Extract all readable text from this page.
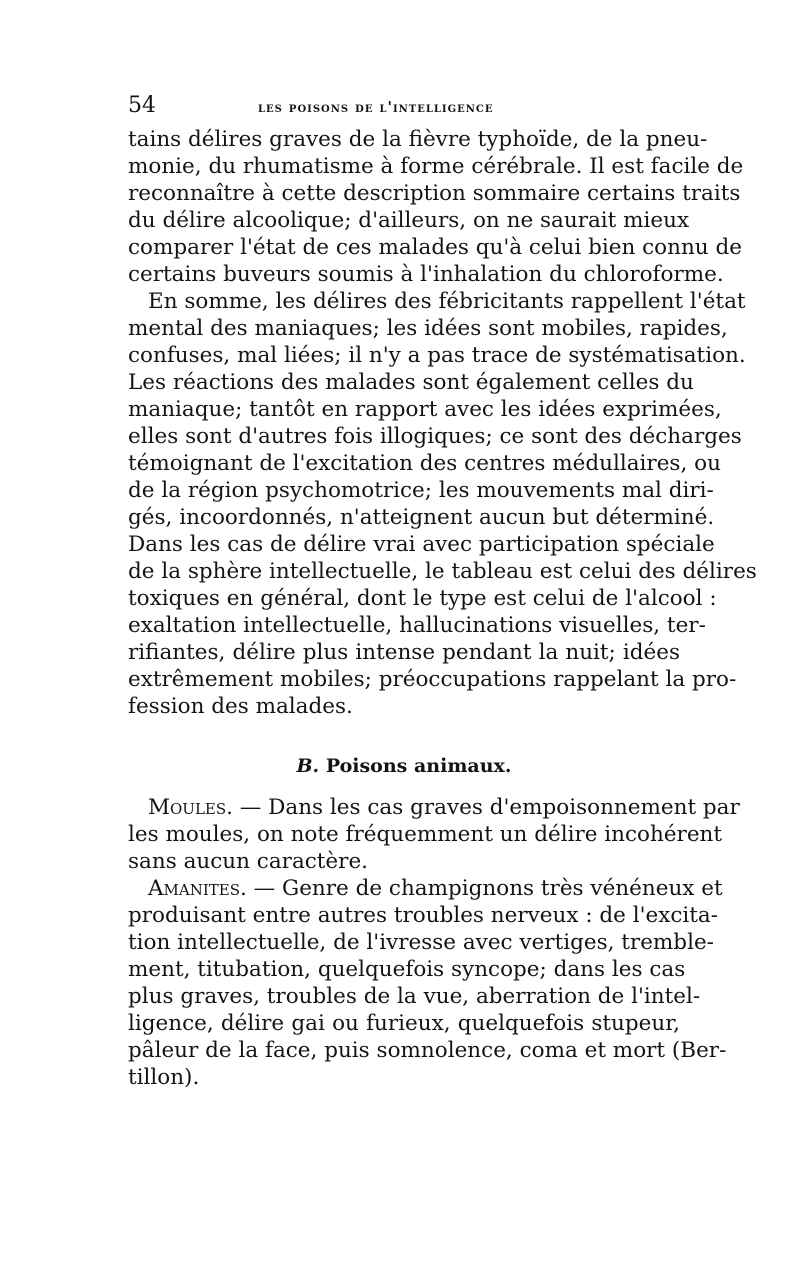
54	les poisons de l'intelligence
tains délires graves de la fièvre typhoïde, de la pneu-
monie, du rhumatisme à forme cérébrale. Il est facile de
reconnaître à cette description sommaire certains traits
du délire alcoolique; d'ailleurs, on ne saurait mieux
comparer l'état de ces malades qu'à celui bien connu de
certains buveurs soumis à l'inhalation du chloroforme.
En somme, les délires des fébricitants rappellent l'état
mental des maniaques; les idées sont mobiles, rapides,
confuses, mal liées; il n'y a pas trace de systématisation.
Les réactions des malades sont également celles du
maniaque; tantôt en rapport avec les idées exprimées,
elles sont d'autres fois illogiques; ce sont des décharges
témoignant de l'excitation des centres médullaires, ou
de la région psychomotrice; les mouvements mal diri-
gés, incoordonnés, n'atteignent aucun but déterminé.
Dans les cas de délire vrai avec participation spéciale
de la sphère intellectuelle, le tableau est celui des délires
toxiques en général, dont le type est celui de l'alcool :
exaltation intellectuelle, hallucinations visuelles, ter-
rifiantes, délire plus intense pendant la nuit; idées
extrêmement mobiles; préoccupations rappelant la pro-
fession des malades.
B. Poisons animaux.
Moules. — Dans les cas graves d'empoisonnement par
les moules, on note fréquemment un délire incohérent
sans aucun caractère.
Amanites. — Genre de champignons très vénéneux et
produisant entre autres troubles nerveux : de l'excita-
tion intellectuelle, de l'ivresse avec vertiges, tremble-
ment, titubation, quelquefois syncope; dans les cas
plus graves, troubles de la vue, aberration de l'intel-
ligence, délire gai ou furieux, quelquefois stupeur,
pâleur de la face, puis somnolence, coma et mort (Ber-
tillon).
